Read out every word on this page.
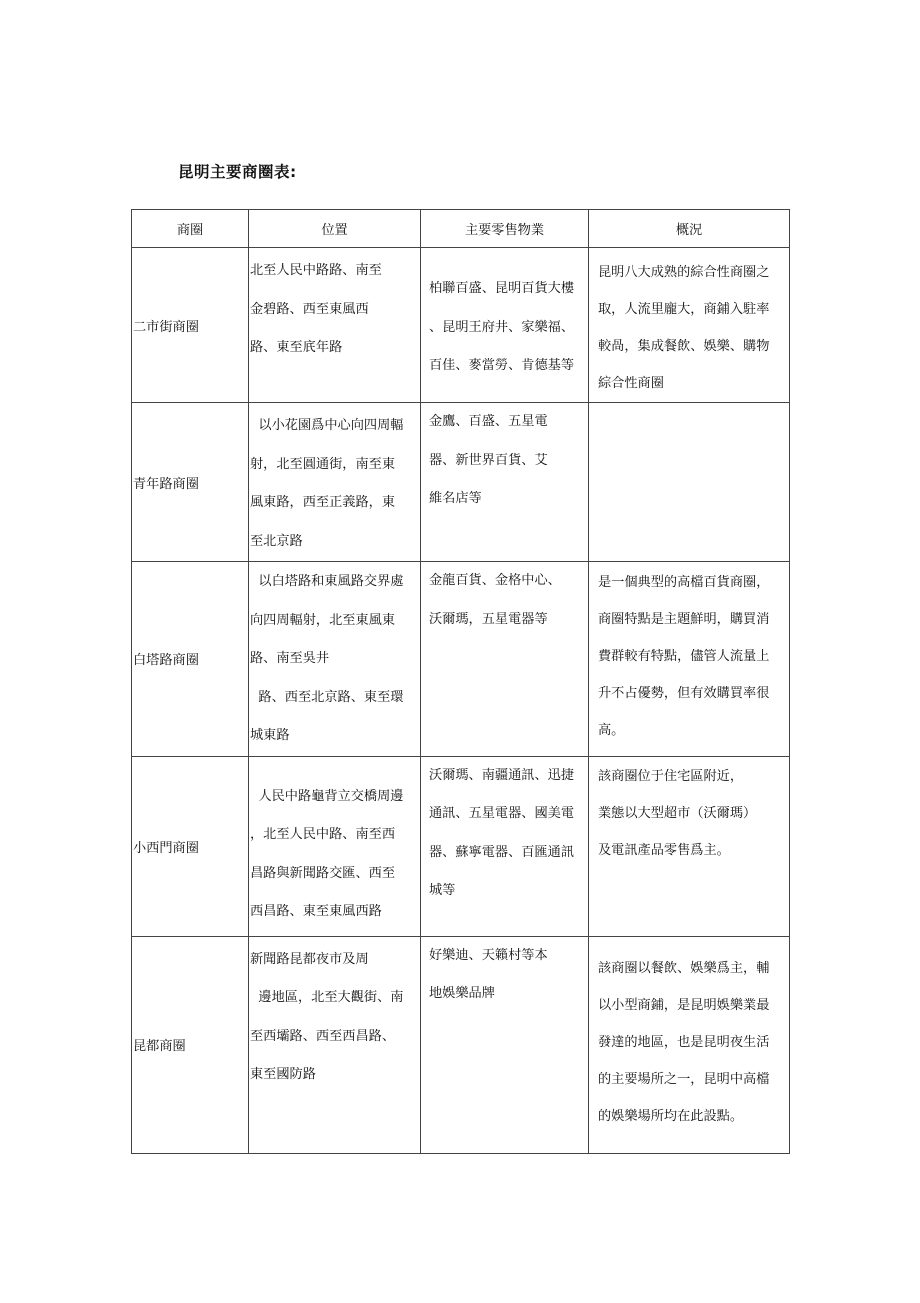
昆明主要商圈表:
商圈	位置	主要零售物業	概況
二市街商圈	北至人民中路路、南至
金碧路、西至東風西
路、東至㡳年路	柏聯百盛、昆明百貨大樓
、昆明王府井、家樂福、
百佳、麥當勞、肯德基等	昆明八大成熟的綜合性商圈之
取，人流里龐大，商鋪入駐率
較咼，集成餐飲、娛樂、購物
綜合性商圈

青年路商圈	以小花園爲中心向四周輻
射，北至圓通街，南至東
風東路，西至正義路，東
至北京路	金鷹、百盛、五星電
器、新世界百貨、艾
維名店等	

白塔路商圈	以白塔路和東風路交界處
向四周輻射，北至東風東
路、南至吳井
路、西至北京路、東至環
城東路	金龍百貨、金格中心、
沃爾瑪，五星電器等	是一個典型的高檔百貨商圈，
商圈特點是主題鮮明，購買消
費群較有特點，儘管人流量上
升不占優勢，但有效購買率很
高。

小西門商圈	人民中路龜背立交橋周邊
，北至人民中路、南至西
昌路與新聞路交匯、西至
西昌路、東至東風西路	沃爾瑪、南疆通訊、迅捷
通訊、五星電器、國美電
器、蘇寧電器、百匯通訊
城等	該商圈位于住宅區附近，
業態以大型超市（沃爾瑪）
及電訊產品零售爲主。

昆都商圈	新聞路昆都夜市及周
邊地區，北至大觀街、南
至西壩路、西至西昌路、
東至國防路	好樂迪、天籟村等本
地娛樂品牌	該商圈以餐飲、娛樂爲主，輔
以小型商鋪，是昆明娛樂業最
發達的地區，也是昆明夜生活
的主要場所之一，昆明中高檔
的娛樂場所均在此設點。
